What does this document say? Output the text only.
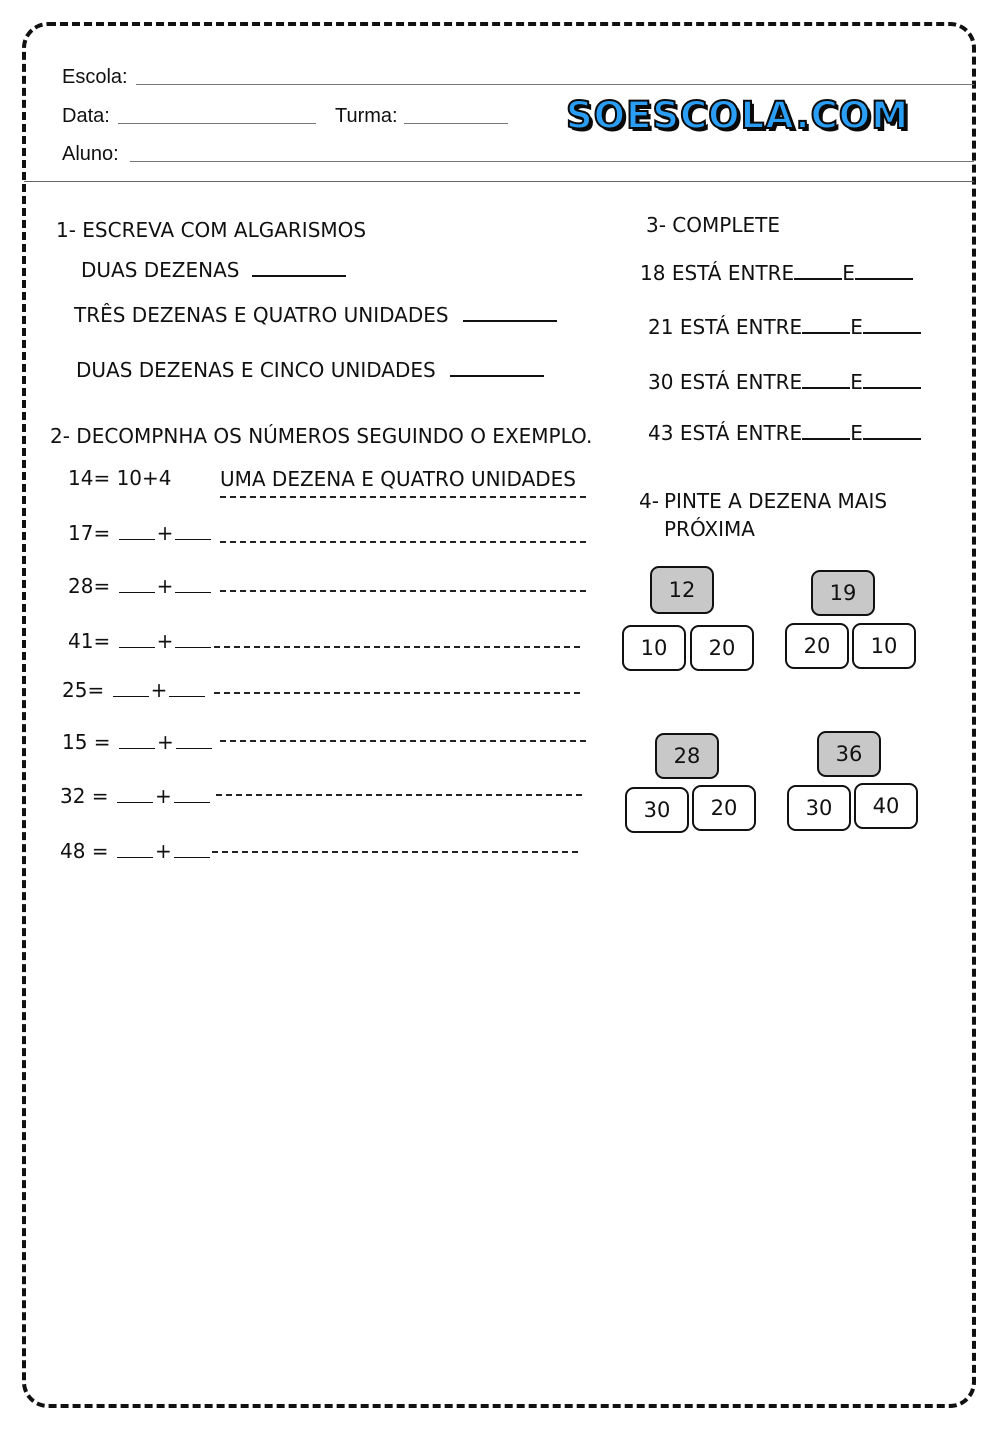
Escola:
Data:	Turma:	SOESCOLA.COM
Aluno:
1- ESCREVA COM ALGARISMOS
DUAS DEZENAS
TRÊS DEZENAS E QUATRO UNIDADES
DUAS DEZENAS E CINCO UNIDADES
2- DECOMPNHA OS NÚMEROS SEGUINDO O EXEMPLO.
14= 10+4 UMA DEZENA E QUATRO UNIDADES
17= +
28= +
41= +
25= +
15 = +
32 = +
48 = +
3- COMPLETE
18 ESTÁ ENTRE E
21 ESTÁ ENTRE E
30 ESTÁ ENTRE E
43 ESTÁ ENTRE E
4- PINTE A DEZENA MAIS
PRÓXIMA
12
10	20
19
20	10
28
30	20
36
30	40
